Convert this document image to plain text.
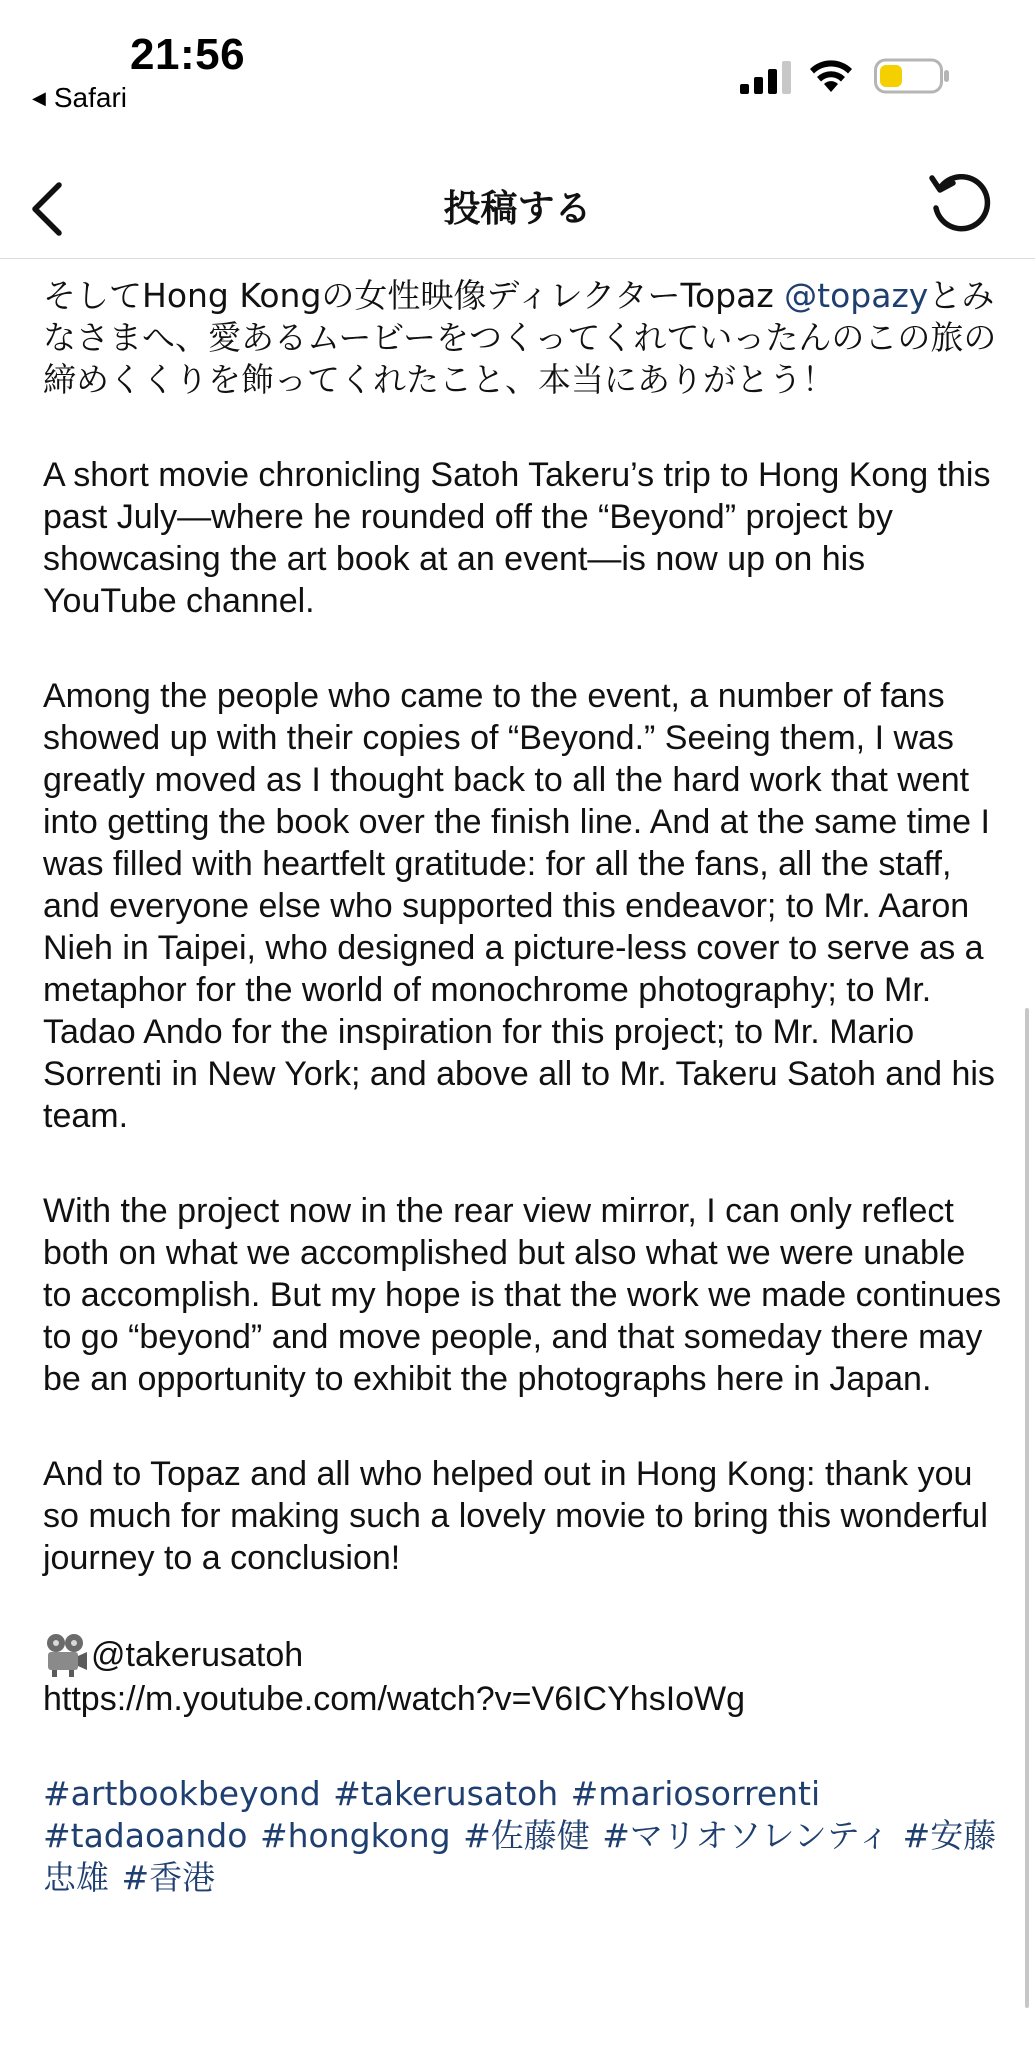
21:56
◀ Safari
投稿する

そしてHong Kongの女性映像ディレクターTopaz @topazyとみなさまへ、愛あるムービーをつくってくれていったんのこの旅の締めくくりを飾ってくれたこと、本当にありがとう！

A short movie chronicling Satoh Takeru’s trip to Hong Kong this past July—where he rounded off the “Beyond” project by showcasing the art book at an event—is now up on his YouTube channel.

Among the people who came to the event, a number of fans showed up with their copies of “Beyond.” Seeing them, I was greatly moved as I thought back to all the hard work that went into getting the book over the finish line. And at the same time I was filled with heartfelt gratitude: for all the fans, all the staff, and everyone else who supported this endeavor; to Mr. Aaron Nieh in Taipei, who designed a picture-less cover to serve as a metaphor for the world of monochrome photography; to Mr. Tadao Ando for the inspiration for this project; to Mr. Mario Sorrenti in New York; and above all to Mr. Takeru Satoh and his team.

With the project now in the rear view mirror, I can only reflect both on what we accomplished but also what we were unable to accomplish. But my hope is that the work we made continues to go “beyond” and move people, and that someday there may be an opportunity to exhibit the photographs here in Japan.

And to Topaz and all who helped out in Hong Kong: thank you so much for making such a lovely movie to bring this wonderful journey to a conclusion!

@takerusatoh

https://m.youtube.com/watch?v=V6ICYhsIoWg

#artbookbeyond #takerusatoh #mariosorrenti #tadaoando #hongkong #佐藤健 #マリオソレンティ #安藤忠雄 #香港
